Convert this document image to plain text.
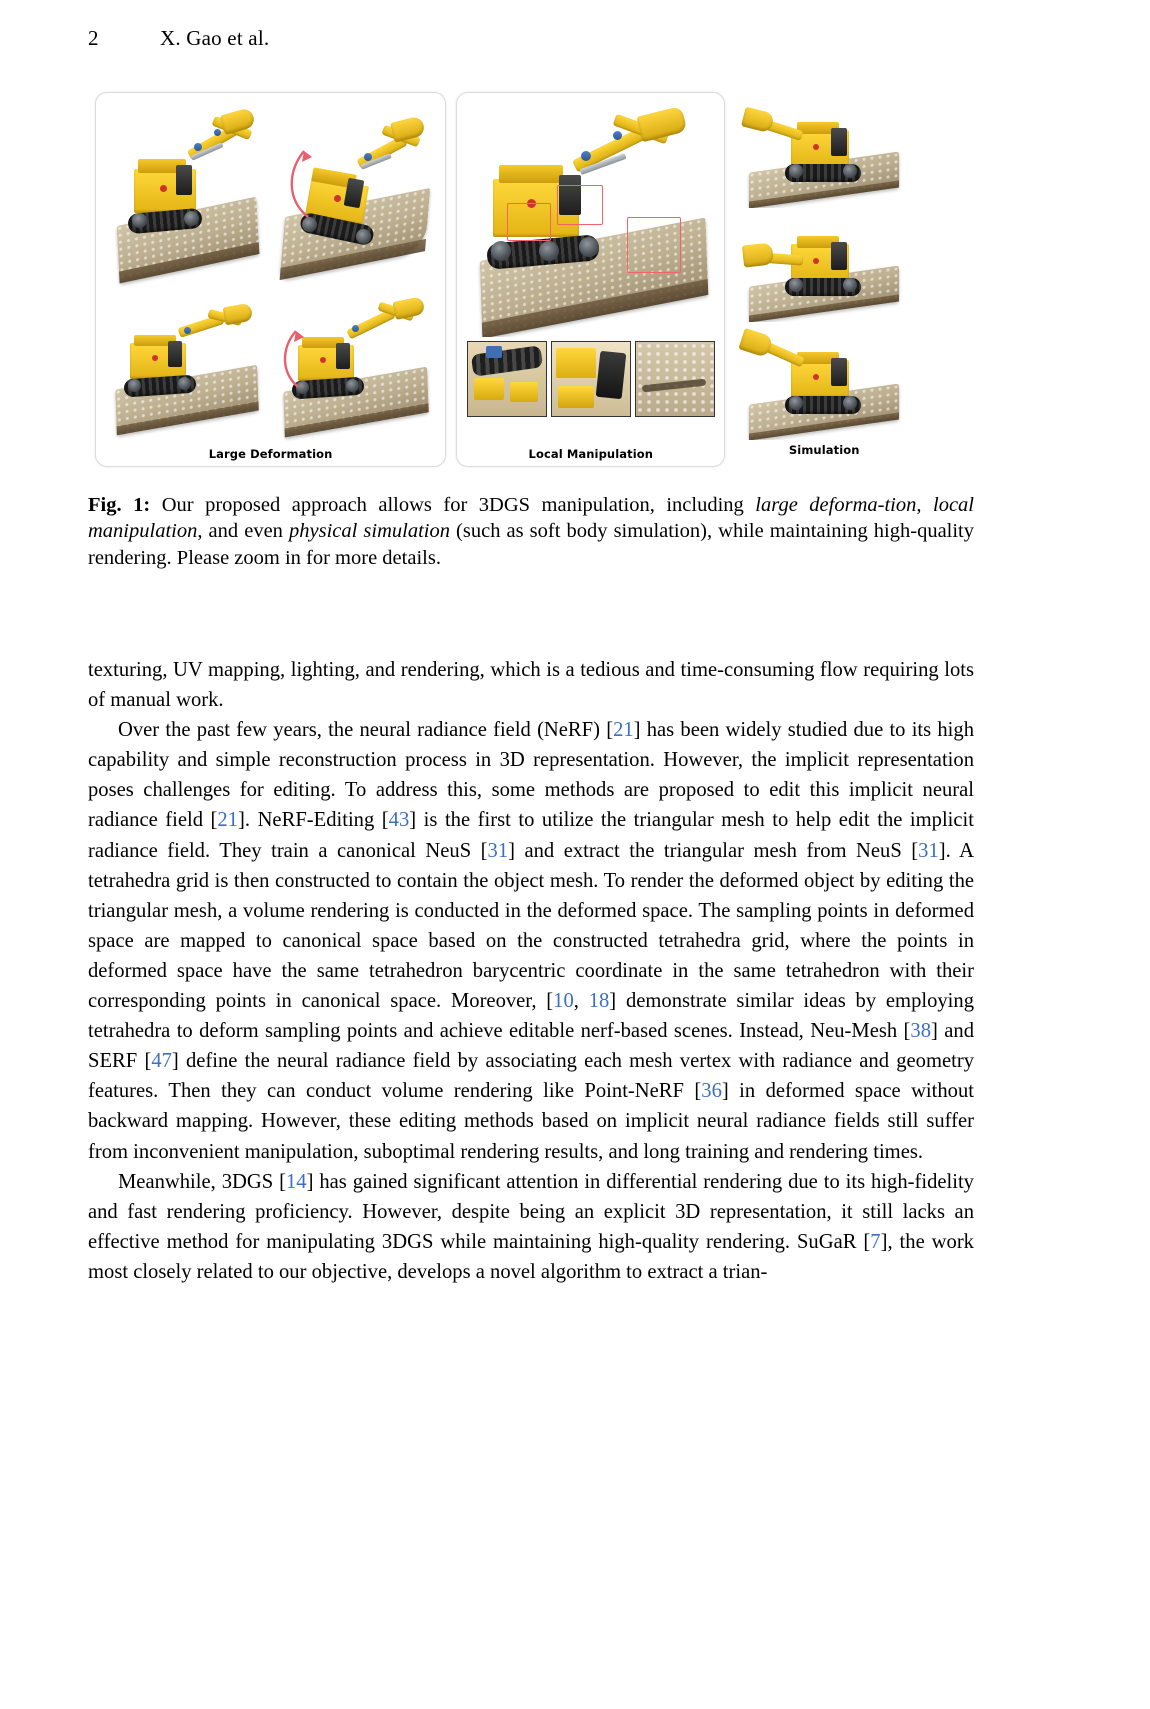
2	X. Gao et al.
Large Deformation	Local Manipulation	Simulation
Fig. 1: Our proposed approach allows for 3DGS manipulation, including large deforma-tion, local manipulation, and even physical simulation (such as soft body simulation), while maintaining high-quality rendering. Please zoom in for more details.

texturing, UV mapping, lighting, and rendering, which is a tedious and time-consuming flow requiring lots of manual work.

Over the past few years, the neural radiance field (NeRF) [21] has been widely studied due to its high capability and simple reconstruction process in 3D representation. However, the implicit representation poses challenges for editing. To address this, some methods are proposed to edit this implicit neural radiance field [21]. NeRF-Editing [43] is the first to utilize the triangular mesh to help edit the implicit radiance field. They train a canonical NeuS [31] and extract the triangular mesh from NeuS [31]. A tetrahedra grid is then constructed to contain the object mesh. To render the deformed object by editing the triangular mesh, a volume rendering is conducted in the deformed space. The sampling points in deformed space are mapped to canonical space based on the constructed tetrahedra grid, where the points in deformed space have the same tetrahedron barycentric coordinate in the same tetrahedron with their corresponding points in canonical space. Moreover, [10, 18] demonstrate similar ideas by employing tetrahedra to deform sampling points and achieve editable nerf-based scenes. Instead, Neu-Mesh [38] and SERF [47] define the neural radiance field by associating each mesh vertex with radiance and geometry features. Then they can conduct volume rendering like Point-NeRF [36] in deformed space without backward mapping. However, these editing methods based on implicit neural radiance fields still suffer from inconvenient manipulation, suboptimal rendering results, and long training and rendering times.

Meanwhile, 3DGS [14] has gained significant attention in differential rendering due to its high-fidelity and fast rendering proficiency. However, despite being an explicit 3D representation, it still lacks an effective method for manipulating 3DGS while maintaining high-quality rendering. SuGaR [7], the work most closely related to our objective, develops a novel algorithm to extract a trian-
